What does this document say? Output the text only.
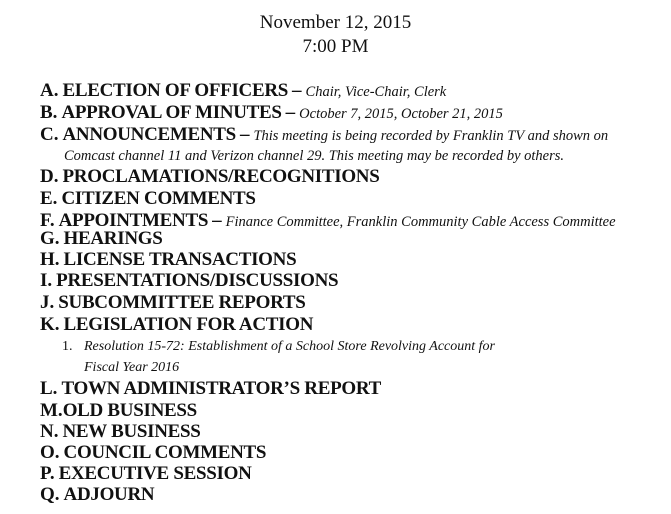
November 12, 2015
7:00 PM
A. ELECTION OF OFFICERS – Chair, Vice-Chair, Clerk
B. APPROVAL OF MINUTES – October 7, 2015, October 21, 2015
C. ANNOUNCEMENTS – This meeting is being recorded by Franklin TV and shown on
Comcast channel 11 and Verizon channel 29. This meeting may be recorded by others.
D. PROCLAMATIONS/RECOGNITIONS
E. CITIZEN COMMENTS
F. APPOINTMENTS – Finance Committee, Franklin Community Cable Access Committee
G. HEARINGS
H. LICENSE TRANSACTIONS
I. PRESENTATIONS/DISCUSSIONS
J. SUBCOMMITTEE REPORTS
K. LEGISLATION FOR ACTION
1. Resolution 15-72: Establishment of a School Store Revolving Account for
Fiscal Year 2016
L. TOWN ADMINISTRATOR’S REPORT
M.OLD BUSINESS
N. NEW BUSINESS
O. COUNCIL COMMENTS
P. EXECUTIVE SESSION
Q. ADJOURN
